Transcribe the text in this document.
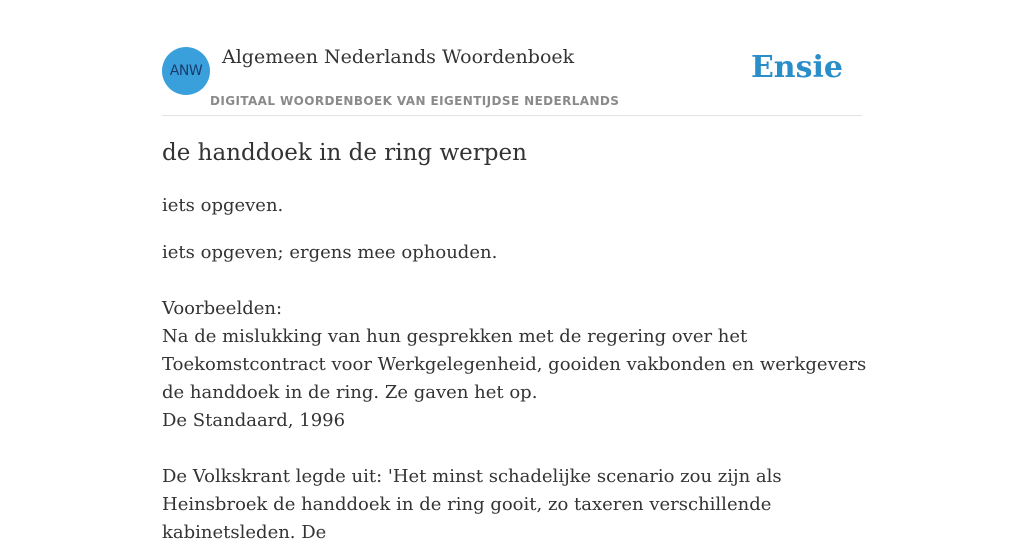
ANW
Algemeen Nederlands Woordenboek
DIGITAAL WOORDENBOEK VAN EIGENTIJDSE NEDERLANDS
Ensie
de handdoek in de ring werpen

iets opgeven.

iets opgeven; ergens mee ophouden.

Voorbeelden:

Na de mislukking van hun gesprekken met de regering over het Toekomstcontract voor Werkgelegenheid, gooiden vakbonden en werkgevers de handdoek in de ring. Ze gaven het op.

De Standaard, 1996

De Volkskrant legde uit: 'Het minst schadelijke scenario zou zijn als Heinsbroek de handdoek in de ring gooit, zo taxeren verschillende kabinetsleden. De
